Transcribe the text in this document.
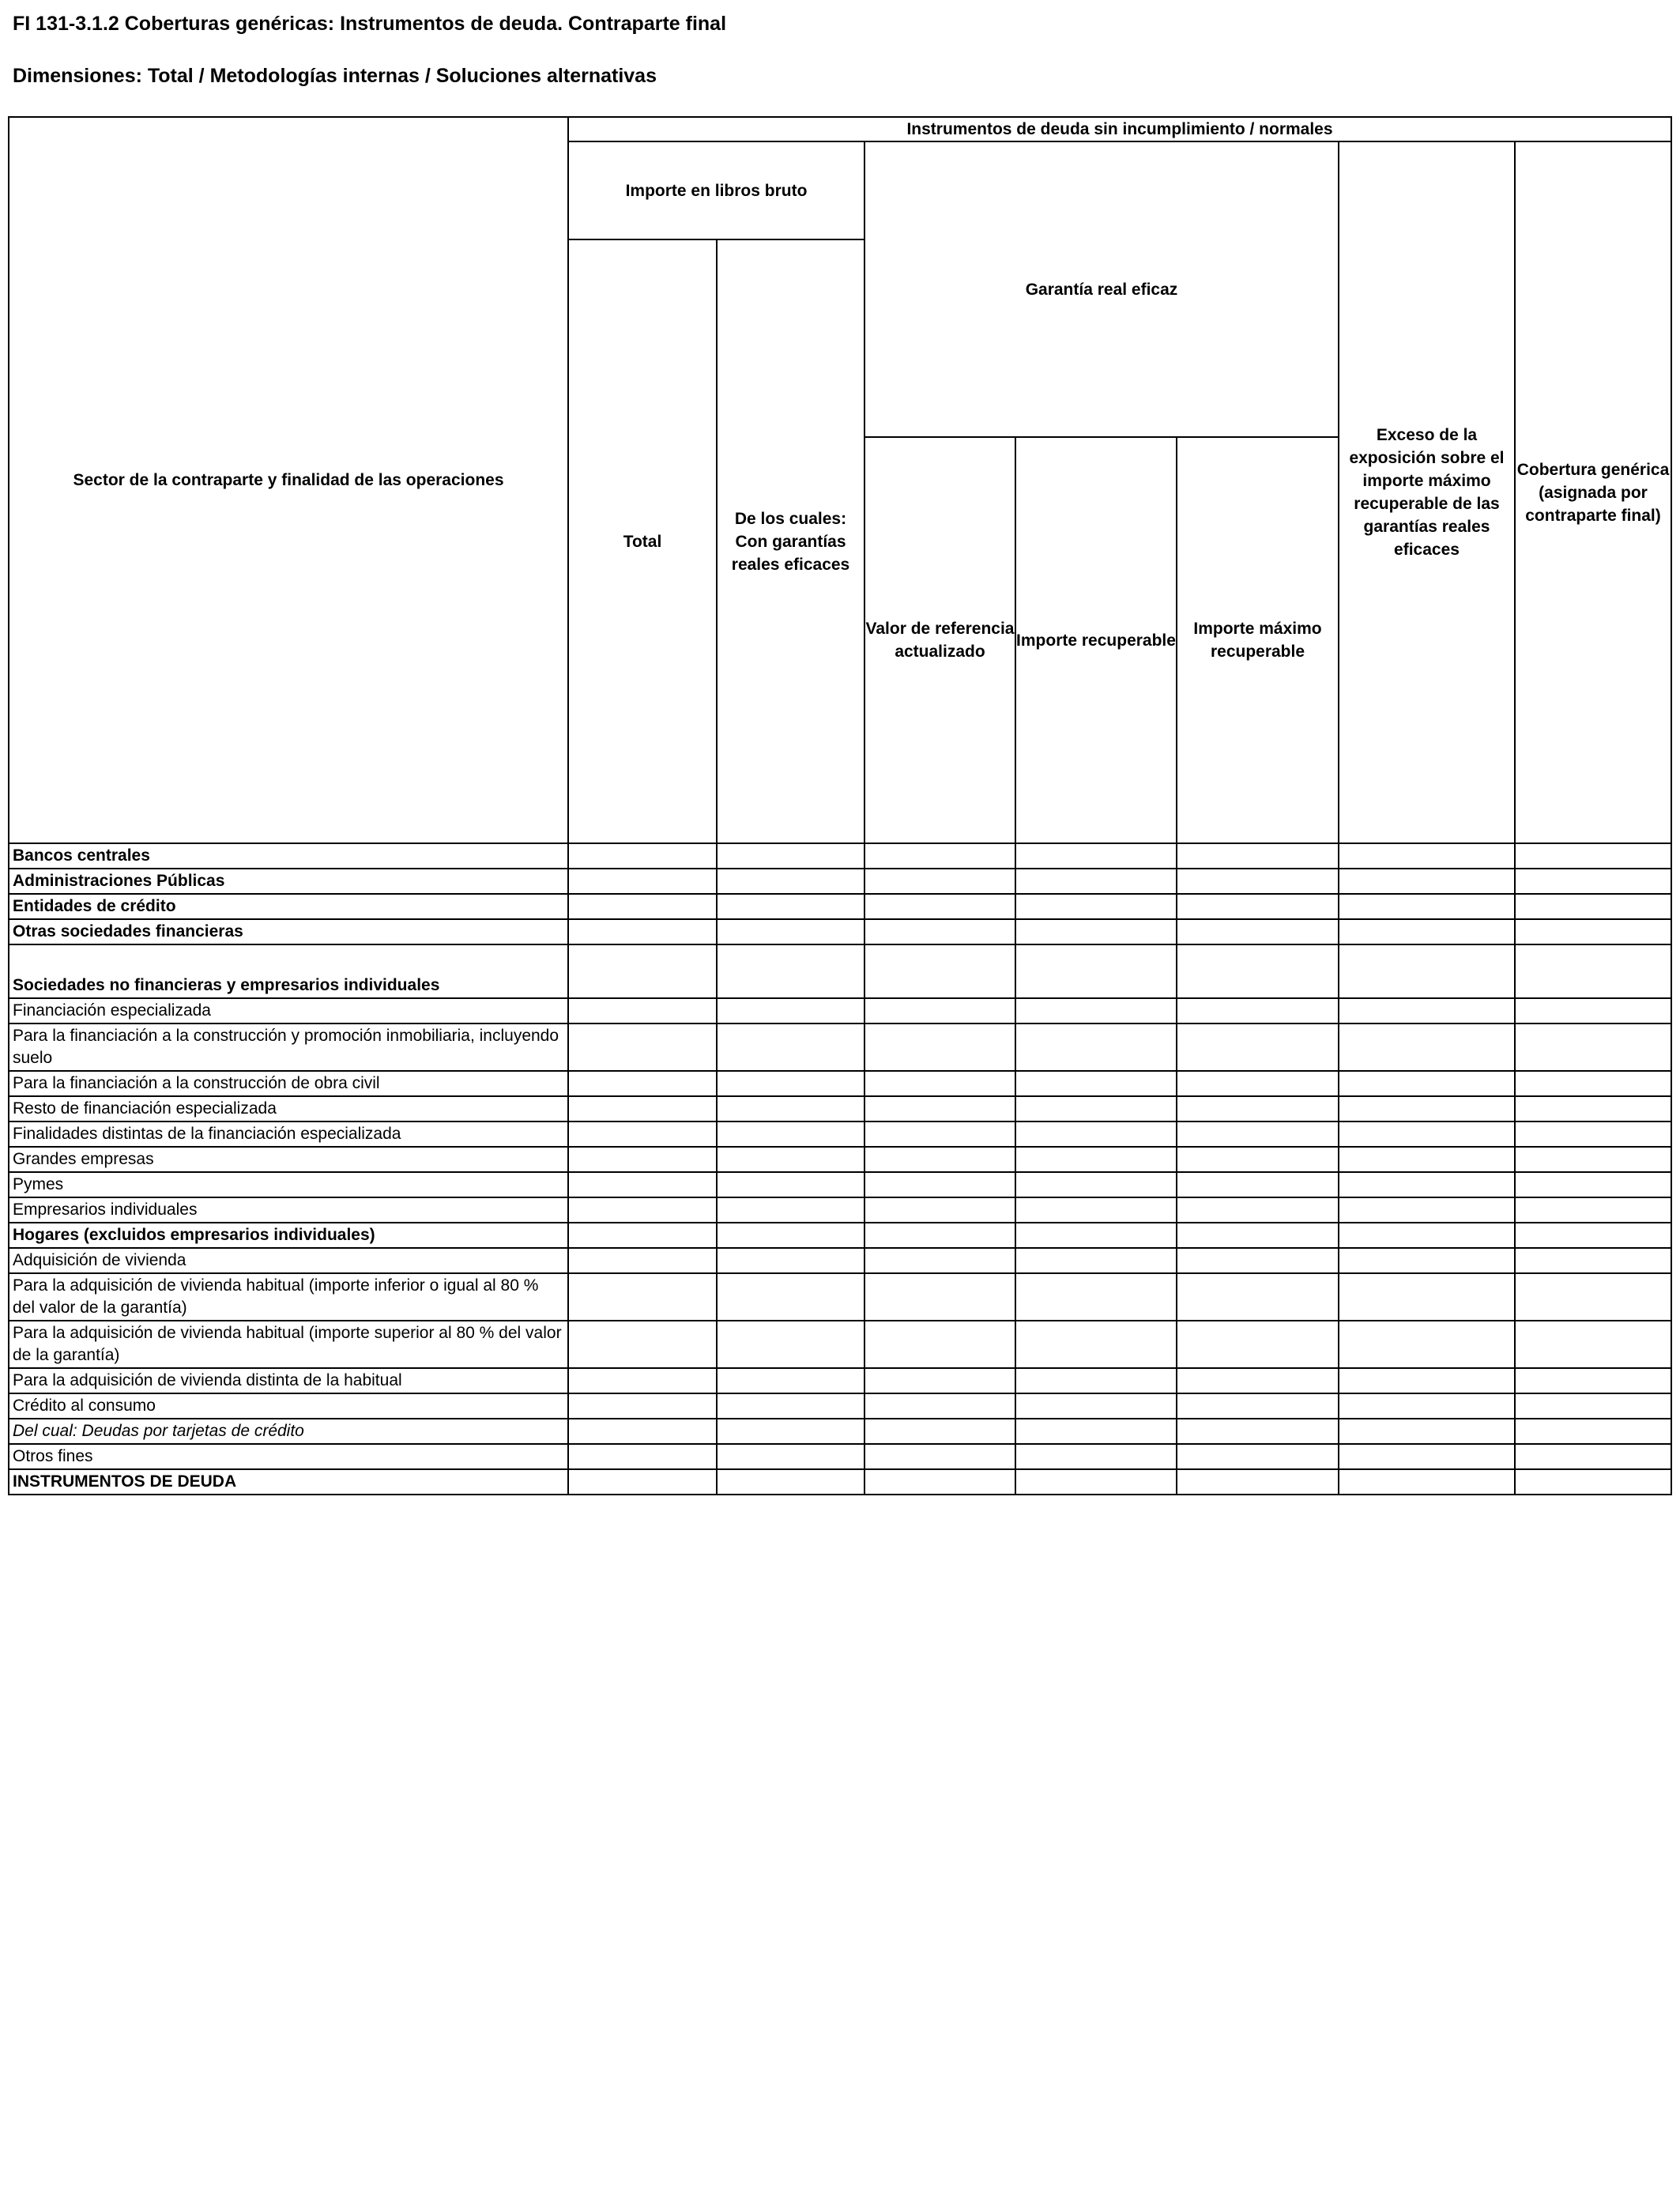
FI 131-3.1.2 Coberturas genéricas: Instrumentos de deuda. Contraparte final
Dimensiones: Total / Metodologías internas / Soluciones alternativas
Sector de la contraparte y finalidad de las operaciones	Instrumentos de deuda sin incumplimiento / normales						
	Importe en libros bruto		Garantía real eficaz			Exceso de la exposición sobre el importe máximo recuperable de las garantías reales eficaces	Cobertura genérica (asignada por contraparte final)
	Total	De los cuales: Con garantías reales eficaces					
			Valor de referencia actualizado	Importe recuperable	Importe máximo recuperable		
Bancos centrales							
Administraciones Públicas							
Entidades de crédito							
Otras sociedades financieras							
Sociedades no financieras y empresarios individuales							
Financiación especializada							
Para la financiación a la construcción y promoción inmobiliaria, incluyendo suelo							
Para la financiación a la construcción de obra civil							
Resto de financiación especializada							
Finalidades distintas de la financiación especializada							
Grandes empresas							
Pymes							
Empresarios individuales							
Hogares (excluidos empresarios individuales)							
Adquisición de vivienda							
Para la adquisición de vivienda habitual (importe inferior o igual al 80 % del valor de la garantía)							
Para la adquisición de vivienda habitual (importe superior al 80 % del valor de la garantía)							
Para la adquisición de vivienda distinta de la habitual							
Crédito al consumo							
Del cual: Deudas por tarjetas de crédito							
Otros fines							
INSTRUMENTOS DE DEUDA							
